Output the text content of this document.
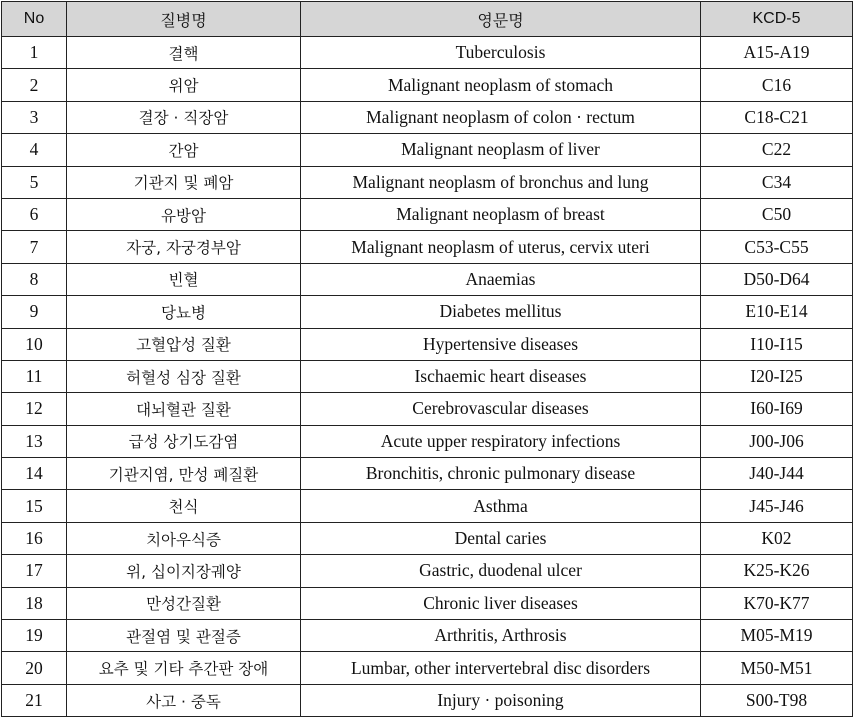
No	질병명	영문명	KCD-5
1	결핵	Tuberculosis	A15-A19
2	위암	Malignant neoplasm of stomach	C16
3	결장 · 직장암	Malignant neoplasm of colon · rectum	C18-C21
4	간암	Malignant neoplasm of liver	C22
5	기관지 및 폐암	Malignant neoplasm of bronchus and lung	C34
6	유방암	Malignant neoplasm of breast	C50
7	자궁, 자궁경부암	Malignant neoplasm of uterus, cervix uteri	C53-C55
8	빈혈	Anaemias	D50-D64
9	당뇨병	Diabetes mellitus	E10-E14
10	고혈압성 질환	Hypertensive diseases	I10-I15
11	허혈성 심장 질환	Ischaemic heart diseases	I20-I25
12	대뇌혈관 질환	Cerebrovascular diseases	I60-I69
13	급성 상기도감염	Acute upper respiratory infections	J00-J06
14	기관지염, 만성 폐질환	Bronchitis, chronic pulmonary disease	J40-J44
15	천식	Asthma	J45-J46
16	치아우식증	Dental caries	K02
17	위, 십이지장궤양	Gastric, duodenal ulcer	K25-K26
18	만성간질환	Chronic liver diseases	K70-K77
19	관절염 및 관절증	Arthritis, Arthrosis	M05-M19
20	요추 및 기타 추간판 장애	Lumbar, other intervertebral disc disorders	M50-M51
21	사고 · 중독	Injury · poisoning	S00-T98
